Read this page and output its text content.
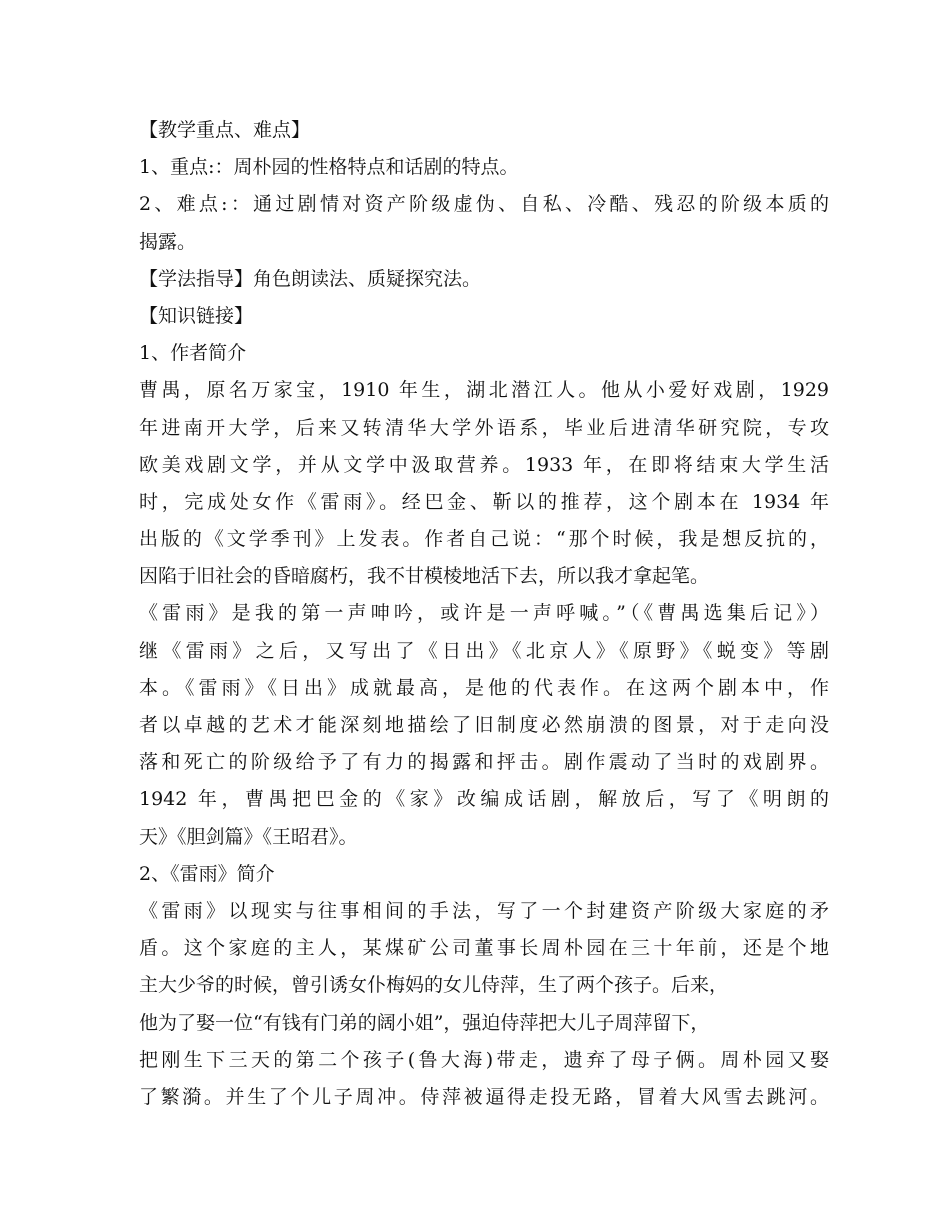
【教学重点、难点】
1、重点:：周朴园的性格特点和话剧的特点。
2、难点:：通过剧情对资产阶级虚伪、自私、冷酷、残忍的阶级本质的
揭露。
【学法指导】角色朗读法、质疑探究法。
【知识链接】
1、作者简介
曹禺，原名万家宝，1910 年生，湖北潜江人。他从小爱好戏剧，1929
年进南开大学，后来又转清华大学外语系，毕业后进清华研究院，专攻
欧美戏剧文学，并从文学中汲取营养。1933 年，在即将结束大学生活
时，完成处女作《雷雨》。经巴金、靳以的推荐，这个剧本在 1934 年
出版的《文学季刊》上发表。作者自己说：“那个时候，我是想反抗的，
因陷于旧社会的昏暗腐朽，我不甘模棱地活下去，所以我才拿起笔。
《雷雨》是我的第一声呻吟，或许是一声呼喊。”（《曹禺选集后记》）
继《雷雨》之后，又写出了《日出》《北京人》《原野》《蜕变》等剧
本。《雷雨》《日出》成就最高，是他的代表作。在这两个剧本中，作
者以卓越的艺术才能深刻地描绘了旧制度必然崩溃的图景，对于走向没
落和死亡的阶级给予了有力的揭露和抨击。剧作震动了当时的戏剧界。
1942 年，曹禺把巴金的《家》改编成话剧，解放后，写了《明朗的
天》《胆剑篇》《王昭君》。
2、《雷雨》简介
《雷雨》以现实与往事相间的手法，写了一个封建资产阶级大家庭的矛
盾。这个家庭的主人，某煤矿公司董事长周朴园在三十年前，还是个地
主大少爷的时候，曾引诱女仆梅妈的女儿侍萍，生了两个孩子。后来，
他为了娶一位“有钱有门弟的阔小姐”，强迫侍萍把大儿子周萍留下，
把刚生下三天的第二个孩子(鲁大海)带走，遗弃了母子俩。周朴园又娶
了繁漪。并生了个儿子周冲。侍萍被逼得走投无路，冒着大风雪去跳河。
